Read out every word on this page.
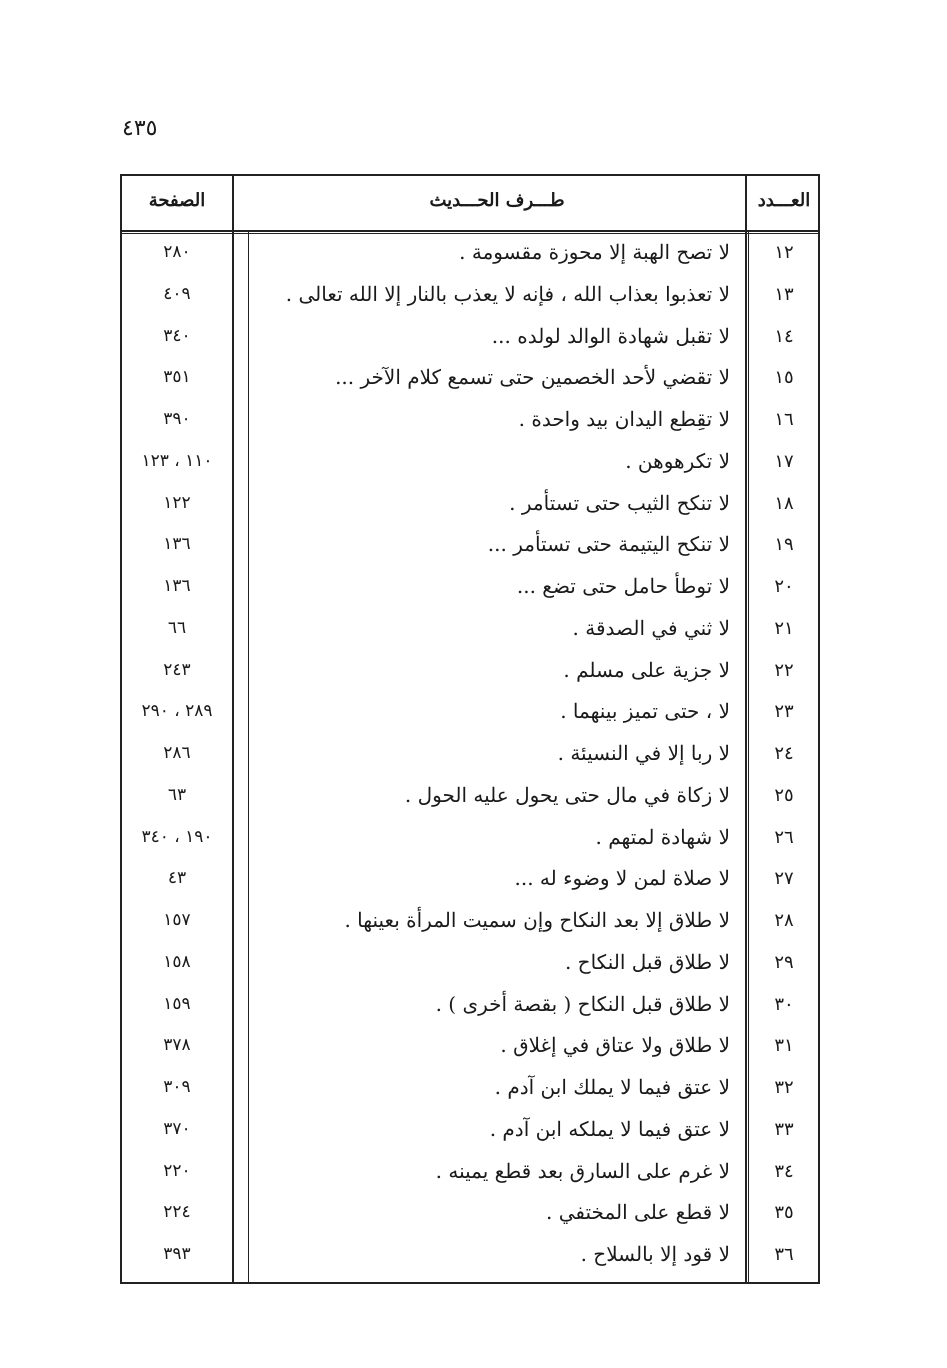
٤٣٥
العـــدد
طـــرف الحـــديث
الصفحة
١٢
لا تصح الهبة إلا محوزة مقسومة .
٢٨٠
١٣
لا تعذبوا بعذاب الله ، فإنه لا يعذب بالنار إلا الله تعالى .
٤٠٩
١٤
لا تقبل شهادة الوالد لولده ...
٣٤٠
١٥
لا تقضي لأحد الخصمين حتى تسمع كلام الآخر ...
٣٥١
١٦
لا تقِطع اليدان بيد واحدة .
٣٩٠
١٧
لا تكرهوهن .
١١٠ ، ١٢٣
١٨
لا تنكح الثيب حتى تستأمر .
١٢٢
١٩
لا تنكح اليتيمة حتى تستأمر ...
١٣٦
٢٠
لا توطأ حامل حتى تضع ...
١٣٦
٢١
لا ثني في الصدقة .
٦٦
٢٢
لا جزية على مسلم .
٢٤٣
٢٣
لا ، حتى تميز بينهما .
٢٨٩ ، ٢٩٠
٢٤
لا ربا إلا في النسيئة .
٢٨٦
٢٥
لا زكاة في مال حتى يحول عليه الحول .
٦٣
٢٦
لا شهادة لمتهم .
١٩٠ ، ٣٤٠
٢٧
لا صلاة لمن لا وضوء له ...
٤٣
٢٨
لا طلاق إلا بعد النكاح وإن سميت المرأة بعينها .
١٥٧
٢٩
لا طلاق قبل النكاح .
١٥٨
٣٠
لا طلاق قبل النكاح ( بقصة أخرى ) .
١٥٩
٣١
لا طلاق ولا عتاق في إغلاق .
٣٧٨
٣٢
لا عتق فيما لا يملك ابن آدم .
٣٠٩
٣٣
لا عتق فيما لا يملكه ابن آدم .
٣٧٠
٣٤
لا غرم على السارق بعد قطع يمينه .
٢٢٠
٣٥
لا قطع على المختفي .
٢٢٤
٣٦
لا قود إلا بالسلاح .
٣٩٣
